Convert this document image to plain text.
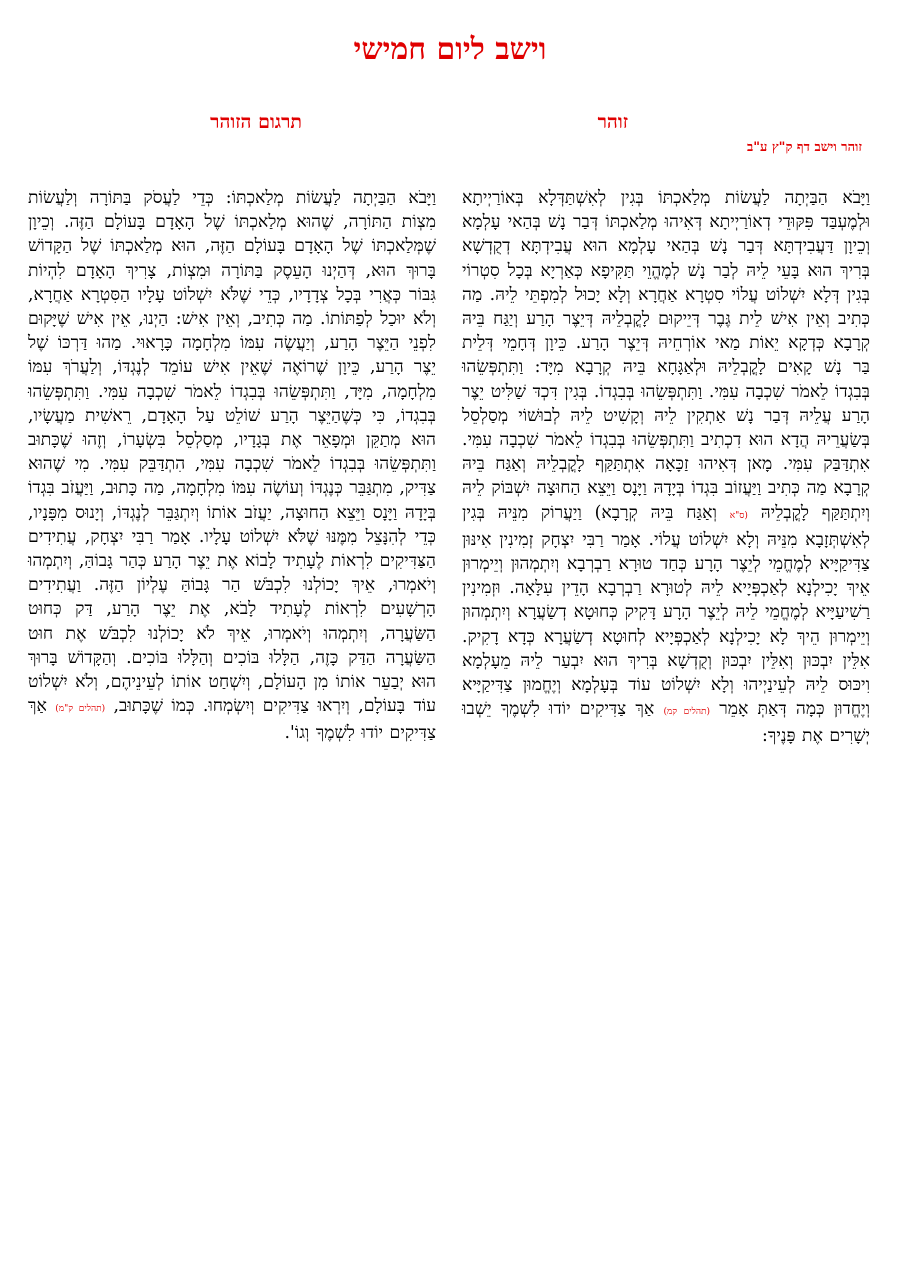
וישב ליום חמישי
זוהר
תרגום הזוהר
זוהר וישב דף ק"ץ ע"ב

וַיָּבֹא הַבַּיְתָה לַעֲשׂוֹת מְלַאכְתּוֹ בְּגִין לְאִשְׁתַּדְּלָא בְּאוֹרַיְיתָא וּלְמֶעְבַּד פִּקּוּדֵי דְאוֹרַיְיתָא דְּאִיהוּ מְלַאכְתּוֹ דְּבַר נָשׁ בְּהַאי עָלְמָא וְכֵיוָן דַּעֲבִידְתָּא דְּבַר נָשׁ בְּהַאי עָלְמָא הוּא עֲבִידְתָּא דְקֻדְשָׁא בְּרִיךְ הוּא בָּעֵי לֵיהּ לְבַר נָשׁ לְמֶהֱוֵי תַּקִּיפָא כְּאַרְיָא בְּכָל סִטְרוֹי בְּגִין דְּלָא יִשְׁלוֹט עֲלוֹי סִטְרָא אַחֲרָא וְלָא יָכוּל לְמִפְתֵּי לֵיהּ. מַה כְּתִיב וְאֵין אִישׁ לֵית גֶּבֶר דְּיֵיקוּם לָקֳבְלֵיהּ דְּיֵצֶר הָרַע וְיַגַּח בֵּיהּ קְרָבָא כְּדְקָא יֵאוֹת מַאי אוֹרְחֵיהּ דְּיֵצֶר הָרַע. כֵּיוָן דְּחָמֵי דְּלֵית בַּר נָשׁ קָאִים לָקֳבְלֵיהּ וּלְאַגָּחָא בֵּיהּ קְרָבָא מִיָּד: וַתִּתְפְּשֵׂהוּ בְּבִגְדוֹ לֵאמֹר שִׁכְבָה עִמִּי. וַתִּתְפְּשֵׂהוּ בְּבִגְדוֹ. בְּגִין דִּכְדּ שַׁלִּיט יֵצֶר הָרַע עֲלֵיהּ דְּבַר נָשׁ אַתְקִין לֵיהּ וְקָשִׁיט לֵיהּ לְבוּשׁוֹי מְסַלְסֵל בְּשַׂעֲרֵיהּ הֲדָא הוּא דִכְתִיב וַתִּתְפְּשֵׂהוּ בְּבִגְדוֹ לֵאמֹר שִׁכְבָה עִמִּי. אִתְדַּבַּק עִמִּי. מָאן דְּאִיהוּ זַכָּאָה אִתְתַּקַּף לָקֳבְלֵיהּ וְאַגַּח בֵּיהּ קְרָבָא מַה כְּתִיב וַיַּעֲזוֹב בִּגְדוֹ בְּיָדָהּ וַיָּנָס וַיֵּצֵא הַחוּצָה יִשְׁבּוֹק לֵיהּ וְיִתְתַּקַּף לָקֳבְלֵיהּ (ס"א וְאַגַּח בֵּיהּ קְרָבָא) וַיַעֲרוֹק מִנֵּיהּ בְּגִין לְאִשְׁתְּזָבָא מִנֵּיהּ וְלָא יִשְׁלוֹט עֲלוֹי. אָמַר רַבִּי יִצְחָק זְמִינִין אִינּוּן צַדִּיקַיָּיא לְמֶחֱמֵי לְיֵצֶר הָרָע כְּחַד טוּרָא רַבְרְבָא וְיִתְמְהוּן וְיֵימְרוּן אֵיךְ יָכִילְנָא לְאַכְפְּיָיא לֵיהּ לְטוּרָא רַבְרְבָא הָדֵין עִלָּאָה. וּזְמִינִין רַשִׁיעַיָּיא לְמֶחֱמֵי לֵיהּ לְיֵצֶר הָרָע דָּקִיק כְּחוּטָא דְשַׂעֲרָא וְיִתְמְהוּן וְיֵימְרוּן הֵיךְ לָא יָכִילְנָא לְאַכְפְּיָיא לְחוּטָא דְשַׂעֲרָא כְּדָא דָקִיק. אִלֵּין יִבְכּוּן וְאִלֵּין יִבְכּוּן וְקֻדְשָׁא בְּרִיךְ הוּא יִבְעַר לֵיהּ מֵעָלְמָא וִיכּוּס לֵיהּ לְעֵינַיְיהוּ וְלָא יִשְׁלוֹט עוֹד בְּעָלְמָא וְיֶחֱמוּן צַדִּיקַיָּיא וְיֶחֱדוּן כְּמָה דְּאַתְּ אָמֵר (תהלים קמ) אַךְ צַדִּיקִים יוֹדוּ לִשְׁמֶךָ יֵשְׁבוּ יְשָׁרִים אֶת פָּנֶיךָ:

וַיָּבֹא הַבַּיְתָה לַעֲשׂוֹת מְלַאכְתּוֹ: כְּדֵי לַעֲסֹק בַּתּוֹרָה וְלַעֲשׂוֹת מִצְוֹת הַתּוֹרָה, שֶׁהוּא מְלַאכְתּוֹ שֶׁל הָאָדָם בָּעוֹלָם הַזֶּה. וְכֵיוָן שֶׁמְּלַאכְתּוֹ שֶׁל הָאָדָם בָּעוֹלָם הַזֶּה, הוּא מְלַאכְתּוֹ שֶׁל הַקָּדוֹשׁ בָּרוּךְ הוּא, דְּהַיְנוּ הָעֵסֶק בַּתּוֹרָה וּמִצְוֹת, צָרִיךְ הָאָדָם לִהְיוֹת גִּבּוֹר כְּאֲרִי בְּכָל צְדָדָיו, כְּדֵי שֶׁלֹּא יִשְׁלוֹט עָלָיו הַסִּטְרָא אַחֲרָא, וְלֹא יוּכַל לְפַתּוֹתוֹ. מַה כְּתִיב, וְאֵין אִישׁ: הַיְנוּ, אֵין אִישׁ שֶׁיָּקוּם לִפְנֵי הַיֵּצֶר הָרַע, וְיַעֲשֶׂה עִמּוֹ מִלְחָמָה כָּרָאוּי. מַהוּ דַּרְכּוֹ שֶׁל יֵצֶר הָרַע, כֵּיוָן שֶׁרוֹאֶה שֶׁאֵין אִישׁ עוֹמֵד לְנֶגְדּוֹ, וְלַעֲרֹךְ עִמּוֹ מִלְחָמָה, מִיָּד, וַתִּתְפְּשֵׂהוּ בְּבִגְדוֹ לֵאמֹר שִׁכְבָה עִמִּי. וַתִּתְפְּשֵׂהוּ בְּבִגְדוֹ, כִּי כְּשֶׁהַיֵּצֶר הָרַע שׁוֹלֵט עַל הָאָדָם, רֵאשִׁית מַעֲשָׂיו, הוּא מְתַקֵּן וּמְפָאֵר אֶת בְּגָדָיו, מְסַלְסֵל בִּשְׂעָרוֹ, וְזֶהוּ שֶׁכָּתוּב וַתִּתְפְּשֵׂהוּ בְּבִגְדוֹ לֵאמֹר שִׁכְבָה עִמִּי, הִתְדַּבֵּק עִמִּי. מִי שֶׁהוּא צַדִּיק, מִתְגַּבֵּר כְּנֶגְדּוֹ וְעוֹשֶׂה עִמּוֹ מִלְחָמָה, מַה כָּתוּב, וַיַּעֲזֹב בִּגְדוֹ בְּיָדָהּ וַיָּנָס וַיֵּצֵא הַחוּצָה, יַעֲזֹב אוֹתוֹ וְיִתְגַּבֵּר לְנֶגְדּוֹ, וְיָנוּס מִפָּנָיו, כְּדֵי לְהִנָּצֵל מִמֶּנּוּ שֶׁלֹּא יִשְׁלוֹט עָלָיו. אָמַר רַבִּי יִצְחָק, עֲתִידִים הַצַּדִּיקִים לִרְאוֹת לֶעָתִיד לָבוֹא אֶת יֵצֶר הָרַע כְּהַר גָּבוֹהַּ, וְיִתְמְהוּ וְיֹאמְרוּ, אֵיךְ יָכוֹלְנוּ לִכְבֹּשׁ הַר גָּבוֹהַּ עֶלְיוֹן הַזֶּה. וַעֲתִידִים הָרְשָׁעִים לִרְאוֹת לֶעָתִיד לָבֹא, אֶת יֵצֶר הָרַע, דַּק כְּחוּט הַשַּׂעֲרָה, וְיִתְמְהוּ וְיֹאמְרוּ, אֵיךְ לֹא יָכוֹלְנוּ לִכְבֹּשׁ אֶת חוּט הַשַּׂעֲרָה הַדַּק כָּזֶה, הַלָּלוּ בּוֹכִים וְהַלָּלוּ בּוֹכִים. וְהַקָּדוֹשׁ בָּרוּךְ הוּא יְבַעֵר אוֹתוֹ מִן הָעוֹלָם, וְיִשְׁחַט אוֹתוֹ לְעֵינֵיהֶם, וְלֹא יִשְׁלוֹט עוֹד בָּעוֹלָם, וְיִרְאוּ צַדִּיקִים וְיִשְׂמְחוּ. כְּמוֹ שֶׁכָּתוּב, (תהלים ק"מ) אַךְ צַדִּיקִים יוֹדוּ לִשְׁמֶךָ וְגוֹ'.
